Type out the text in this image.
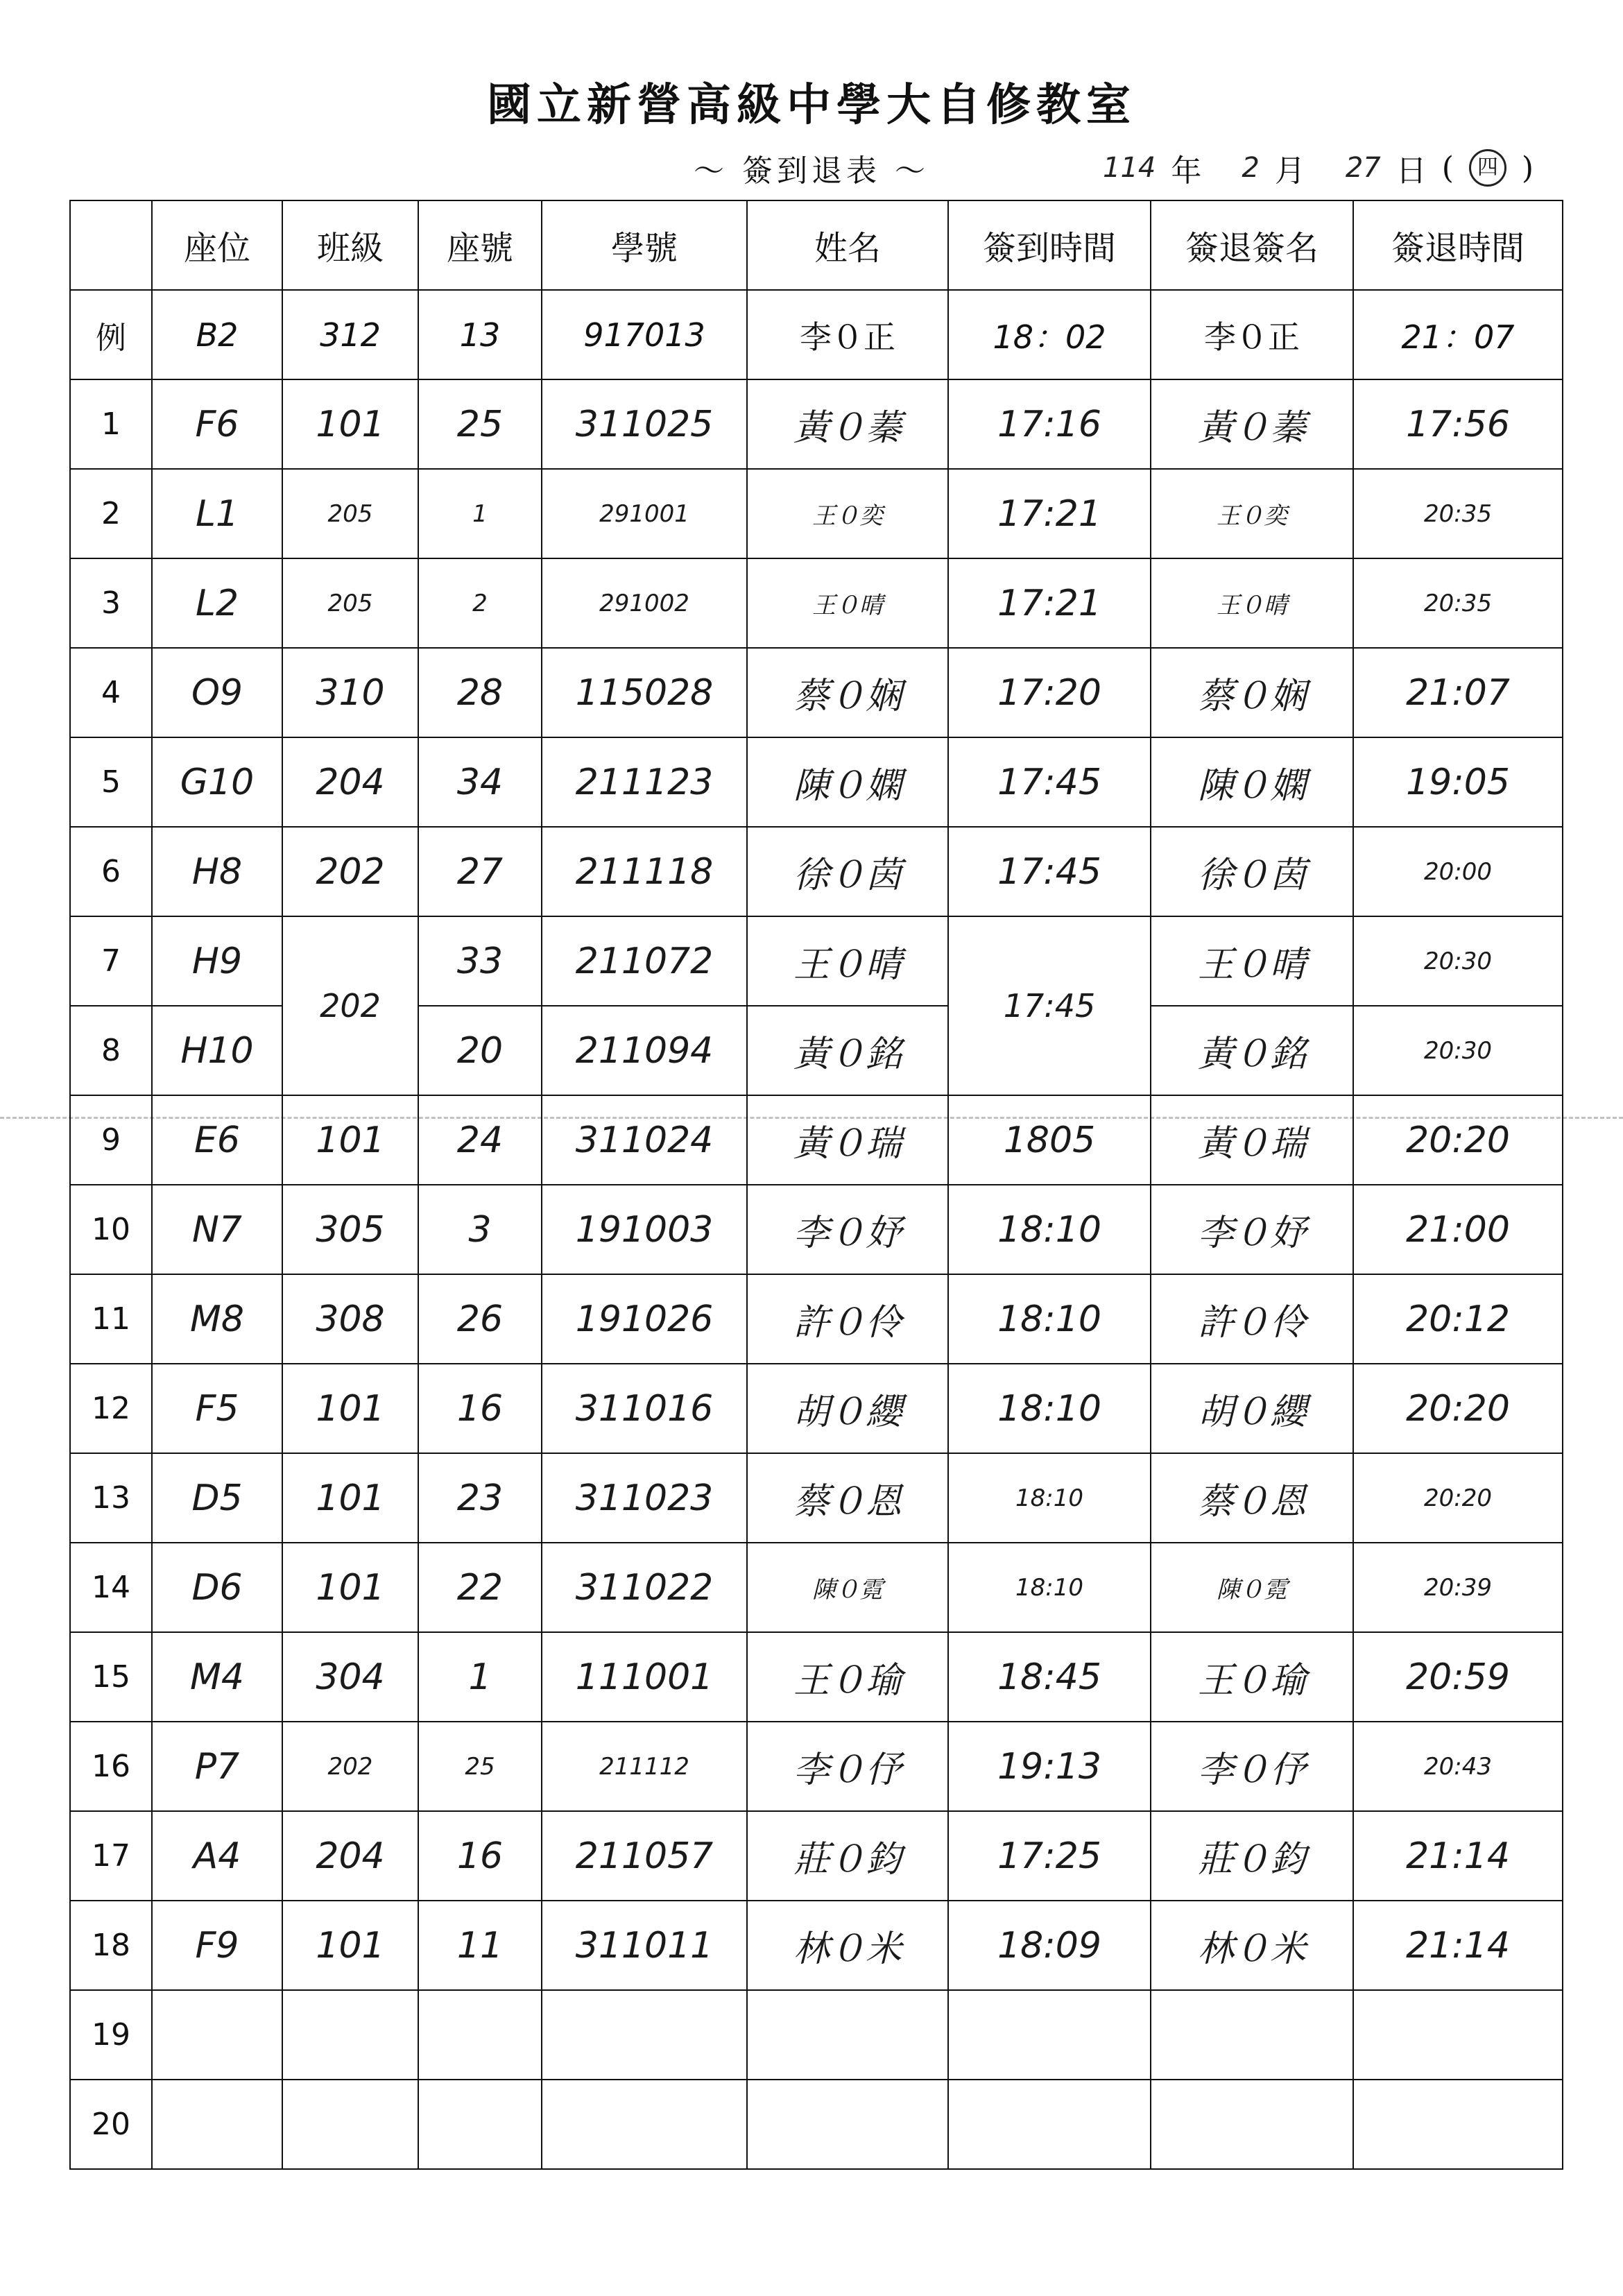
國立新營高級中學大自修教室
～ 簽到退表 ～	114 年 2 月 27 日 (	四 )
	座位	班級	座號	學號	姓名	簽到時間	簽退簽名	簽退時間
例	B2	312	13	917013	李０正	18：02	李０正	21：07
1	F6	101	25	311025	黃０蓁	17:16	黃０蓁	17:56
2	L1	205	1	291001	王０奕	17:21	王０奕	20:35
3	L2	205	2	291002	王０晴	17:21	王０晴	20:35
4	O9	310	28	115028	蔡０娴	17:20	蔡０娴	21:07
5	G10	204	34	211123	陳０嫻	17:45	陳０嫻	19:05
6	H8	202	27	211118	徐０茵	17:45	徐０茵	20:00
7	H9	202	33	211072	王０晴	17:45	王０晴	20:30
8	H10		20	211094	黃０銘		黃０銘	20:30
9	E6	101	24	311024	黃０瑞	1805	黃０瑞	20:20
10	N7	305	3	191003	李０妤	18:10	李０妤	21:00
11	M8	308	26	191026	許０伶	18:10	許０伶	20:12
12	F5	101	16	311016	胡０纓	18:10	胡０纓	20:20
13	D5	101	23	311023	蔡０恩	18:10	蔡０恩	20:20
14	D6	101	22	311022	陳０霓	18:10	陳０霓	20:39
15	M4	304	1	111001	王０瑜	18:45	王０瑜	20:59
16	P7	202	25	211112	李０伃	19:13	李０伃	20:43
17	A4	204	16	211057	莊０鈞	17:25	莊０鈞	21:14
18	F9	101	11	311011	林０米	18:09	林０米	21:14
19								
20								
